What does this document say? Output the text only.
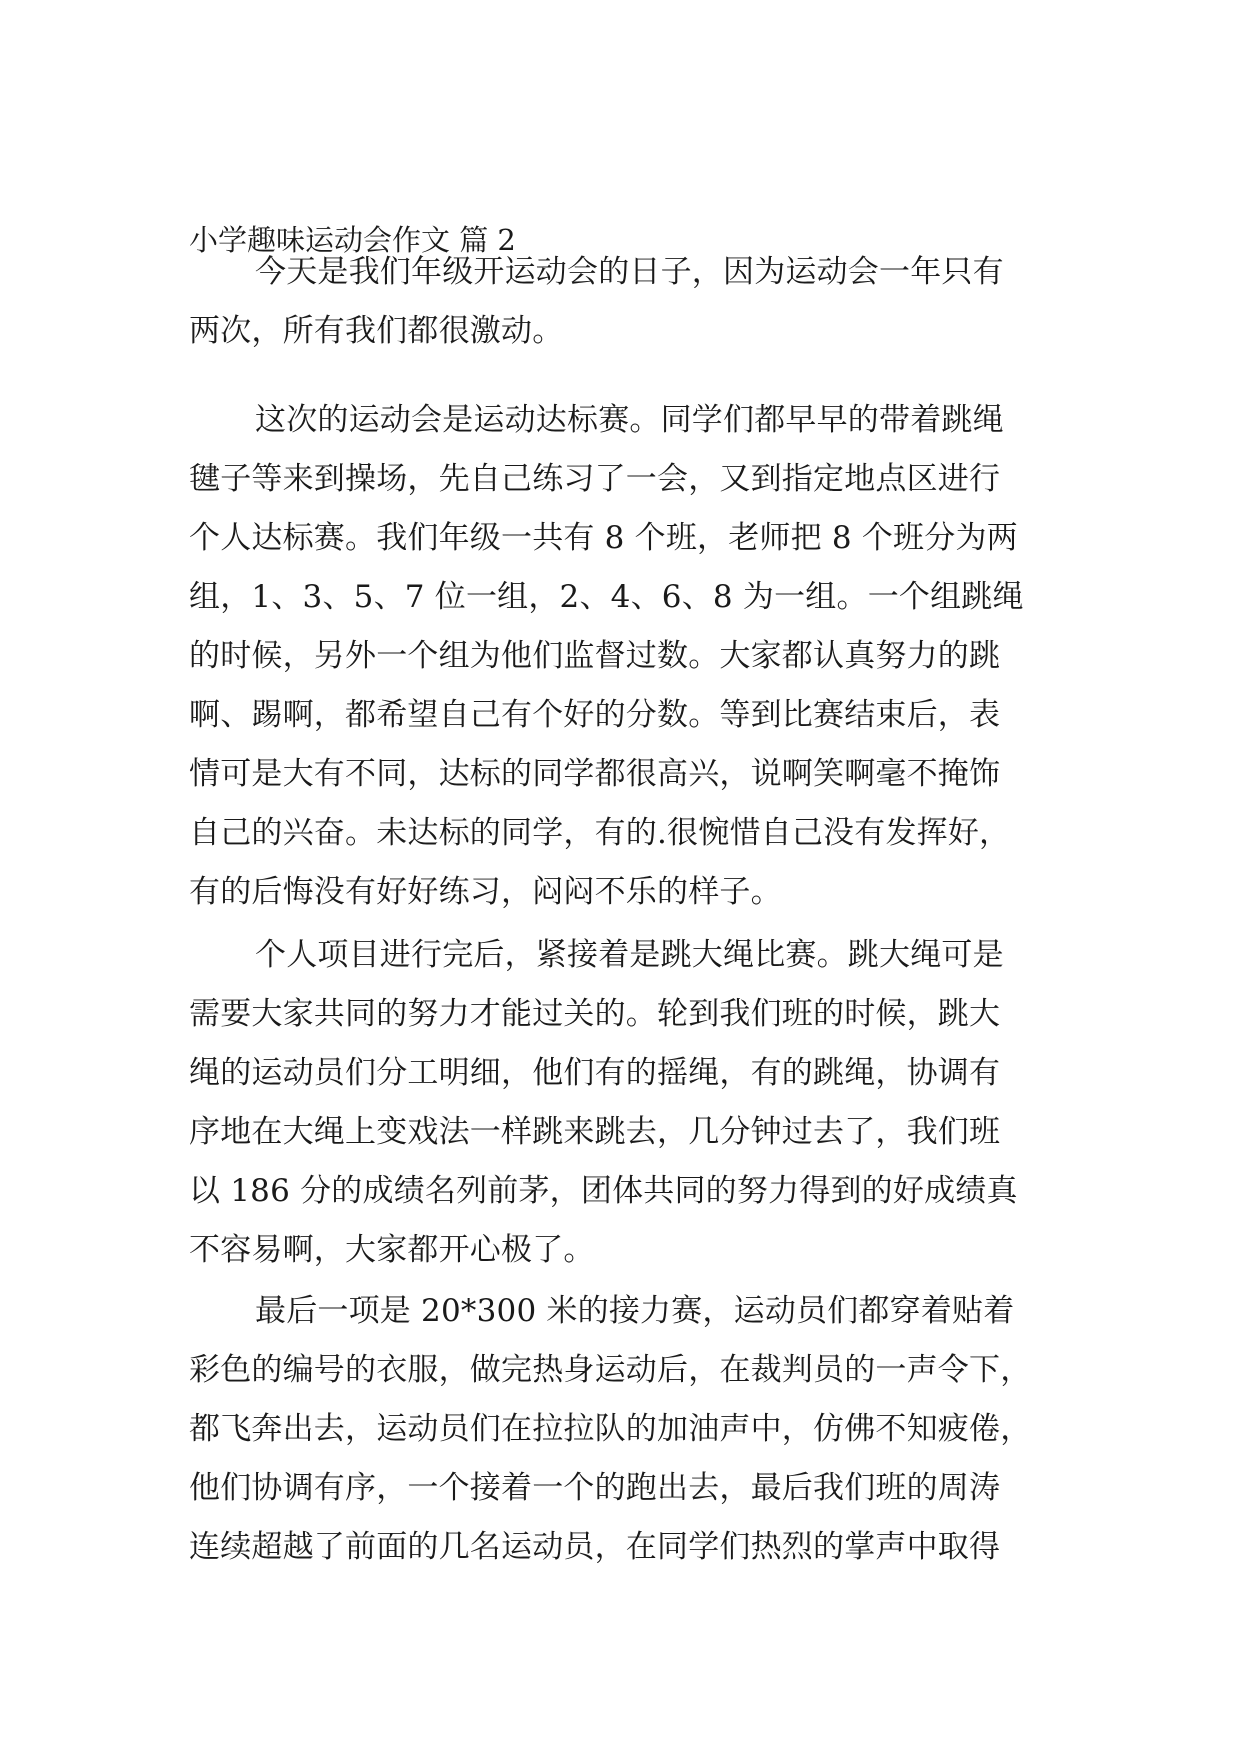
小学趣味运动会作文 篇 2
今天是我们年级开运动会的日子，因为运动会一年只有
两次，所有我们都很激动。
这次的运动会是运动达标赛。同学们都早早的带着跳绳
毽子等来到操场，先自己练习了一会，又到指定地点区进行
个人达标赛。我们年级一共有 8 个班，老师把 8 个班分为两
组，1、3、5、7 位一组，2、4、6、8 为一组。一个组跳绳
的时候，另外一个组为他们监督过数。大家都认真努力的跳
啊、踢啊，都希望自己有个好的分数。等到比赛结束后，表
情可是大有不同，达标的同学都很高兴，说啊笑啊毫不掩饰
自己的兴奋。未达标的同学，有的.很惋惜自己没有发挥好，
有的后悔没有好好练习，闷闷不乐的样子。
个人项目进行完后，紧接着是跳大绳比赛。跳大绳可是
需要大家共同的努力才能过关的。轮到我们班的时候，跳大
绳的运动员们分工明细，他们有的摇绳，有的跳绳，协调有
序地在大绳上变戏法一样跳来跳去，几分钟过去了，我们班
以 186 分的成绩名列前茅，团体共同的努力得到的好成绩真
不容易啊，大家都开心极了。
最后一项是 20*300 米的接力赛，运动员们都穿着贴着
彩色的编号的衣服，做完热身运动后，在裁判员的一声令下，
都飞奔出去，运动员们在拉拉队的加油声中，仿佛不知疲倦，
他们协调有序，一个接着一个的跑出去，最后我们班的周涛
连续超越了前面的几名运动员，在同学们热烈的掌声中取得
